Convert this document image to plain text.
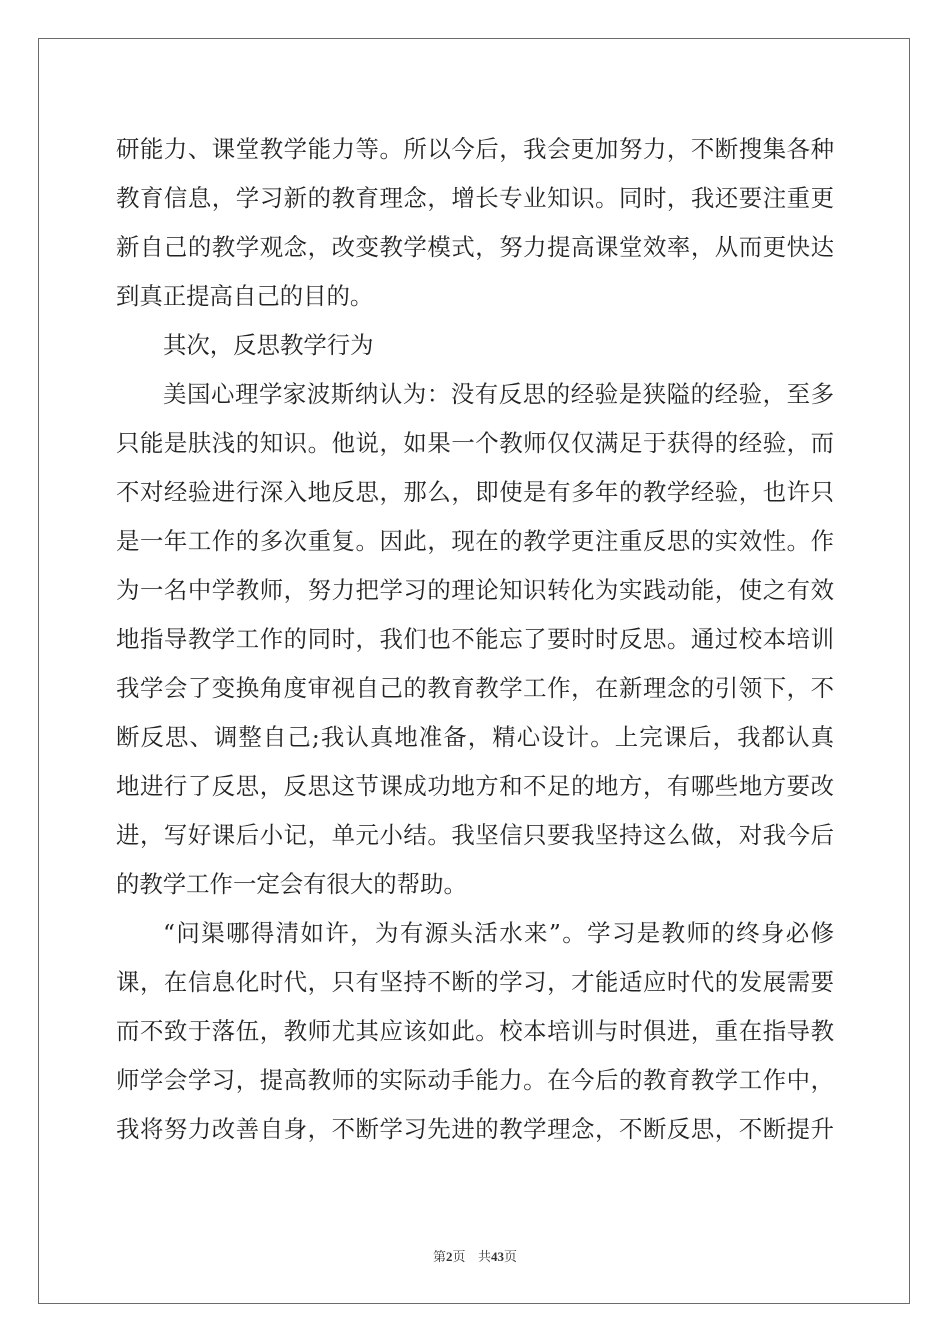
研能力、课堂教学能力等。所以今后，我会更加努力，不断搜集各种
教育信息，学习新的教育理念，增长专业知识。同时，我还要注重更
新自己的教学观念，改变教学模式，努力提高课堂效率，从而更快达
到真正提高自己的目的。
其次，反思教学行为
美国心理学家波斯纳认为：没有反思的经验是狭隘的经验，至多
只能是肤浅的知识。他说，如果一个教师仅仅满足于获得的经验，而
不对经验进行深入地反思，那么，即使是有多年的教学经验，也许只
是一年工作的多次重复。因此，现在的教学更注重反思的实效性。作
为一名中学教师，努力把学习的理论知识转化为实践动能，使之有效
地指导教学工作的同时，我们也不能忘了要时时反思。通过校本培训
我学会了变换角度审视自己的教育教学工作，在新理念的引领下，不
断反思、调整自己;我认真地准备，精心设计。上完课后，我都认真
地进行了反思，反思这节课成功地方和不足的地方，有哪些地方要改
进，写好课后小记，单元小结。我坚信只要我坚持这么做，对我今后
的教学工作一定会有很大的帮助。
“问渠哪得清如许，为有源头活水来”。学习是教师的终身必修
课，在信息化时代，只有坚持不断的学习，才能适应时代的发展需要
而不致于落伍，教师尤其应该如此。校本培训与时俱进，重在指导教
师学会学习，提高教师的实际动手能力。在今后的教育教学工作中，
我将努力改善自身，不断学习先进的教学理念，不断反思，不断提升
第2页 共43页
